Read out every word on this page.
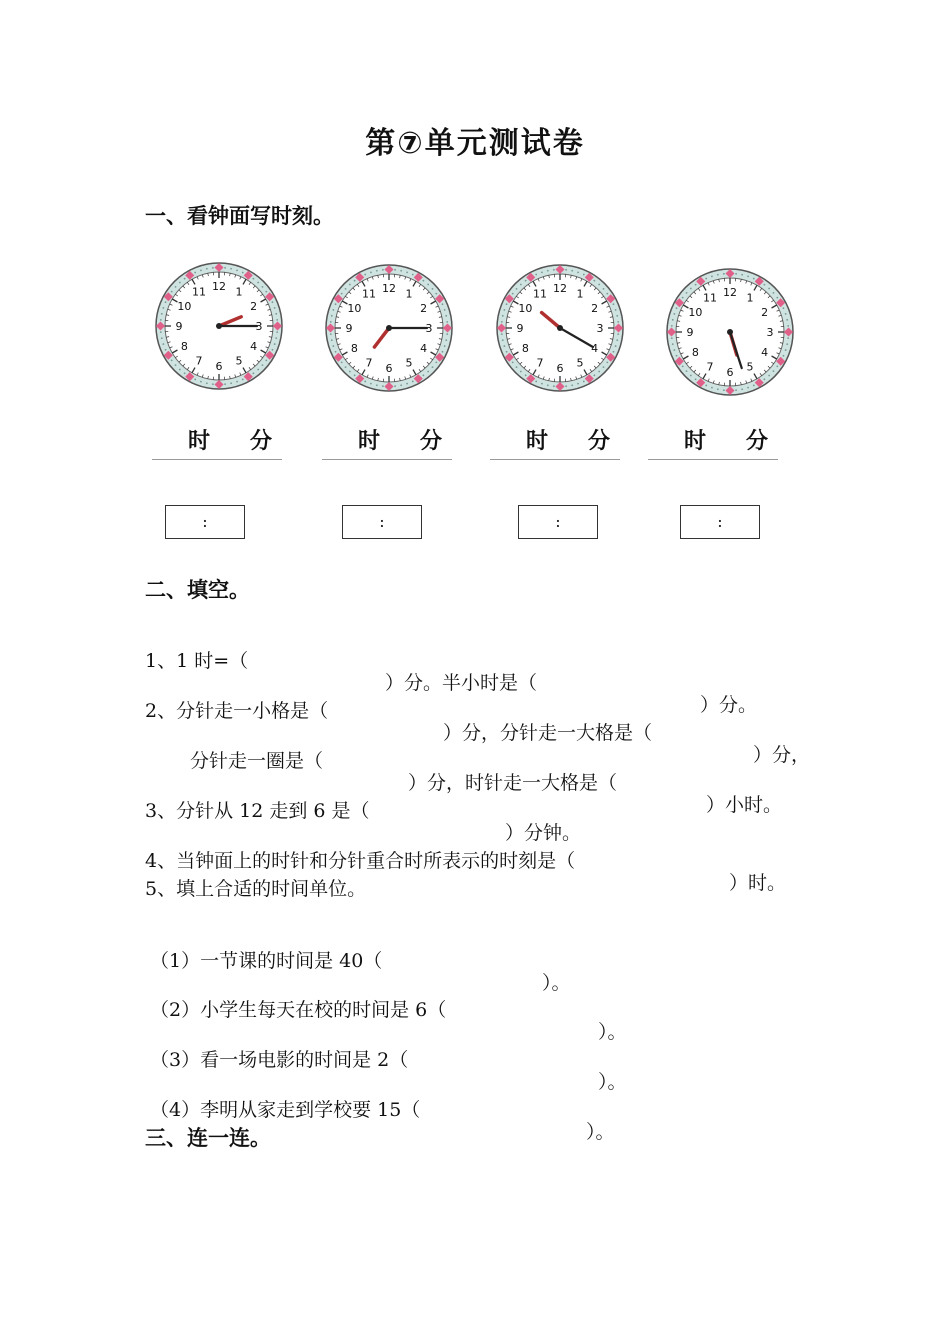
第⑦单元测试卷
一、看钟面写时刻。
1
2
3
4
5
6
7
8
9
10
11 12
1
2
3
4
5
6
7
8
9
10
11 12	1
2
3
4
5
6
7
8
9
10
11 12
1
2
3
4
5
6
7
8
9
10
11 12
时 分	时 分	时 分	时 分
:	:	:	:
二、填空。

1、1 时=（

）分。半小时是（

）分。

2、分针走一小格是（

）分，分针走一大格是（

）分，

分针走一圈是（

）分，时针走一大格是（

）小时。

3、分针从 12 走到 6 是（

）分钟。

4、当钟面上的时针和分针重合时所表示的时刻是（

）时。

5、填上合适的时间单位。

（1）一节课的时间是 40（

）。

（2）小学生每天在校的时间是 6（

）。

（3）看一场电影的时间是 2（

）。

（4）李明从家走到学校要 15（

）。

三、连一连。
